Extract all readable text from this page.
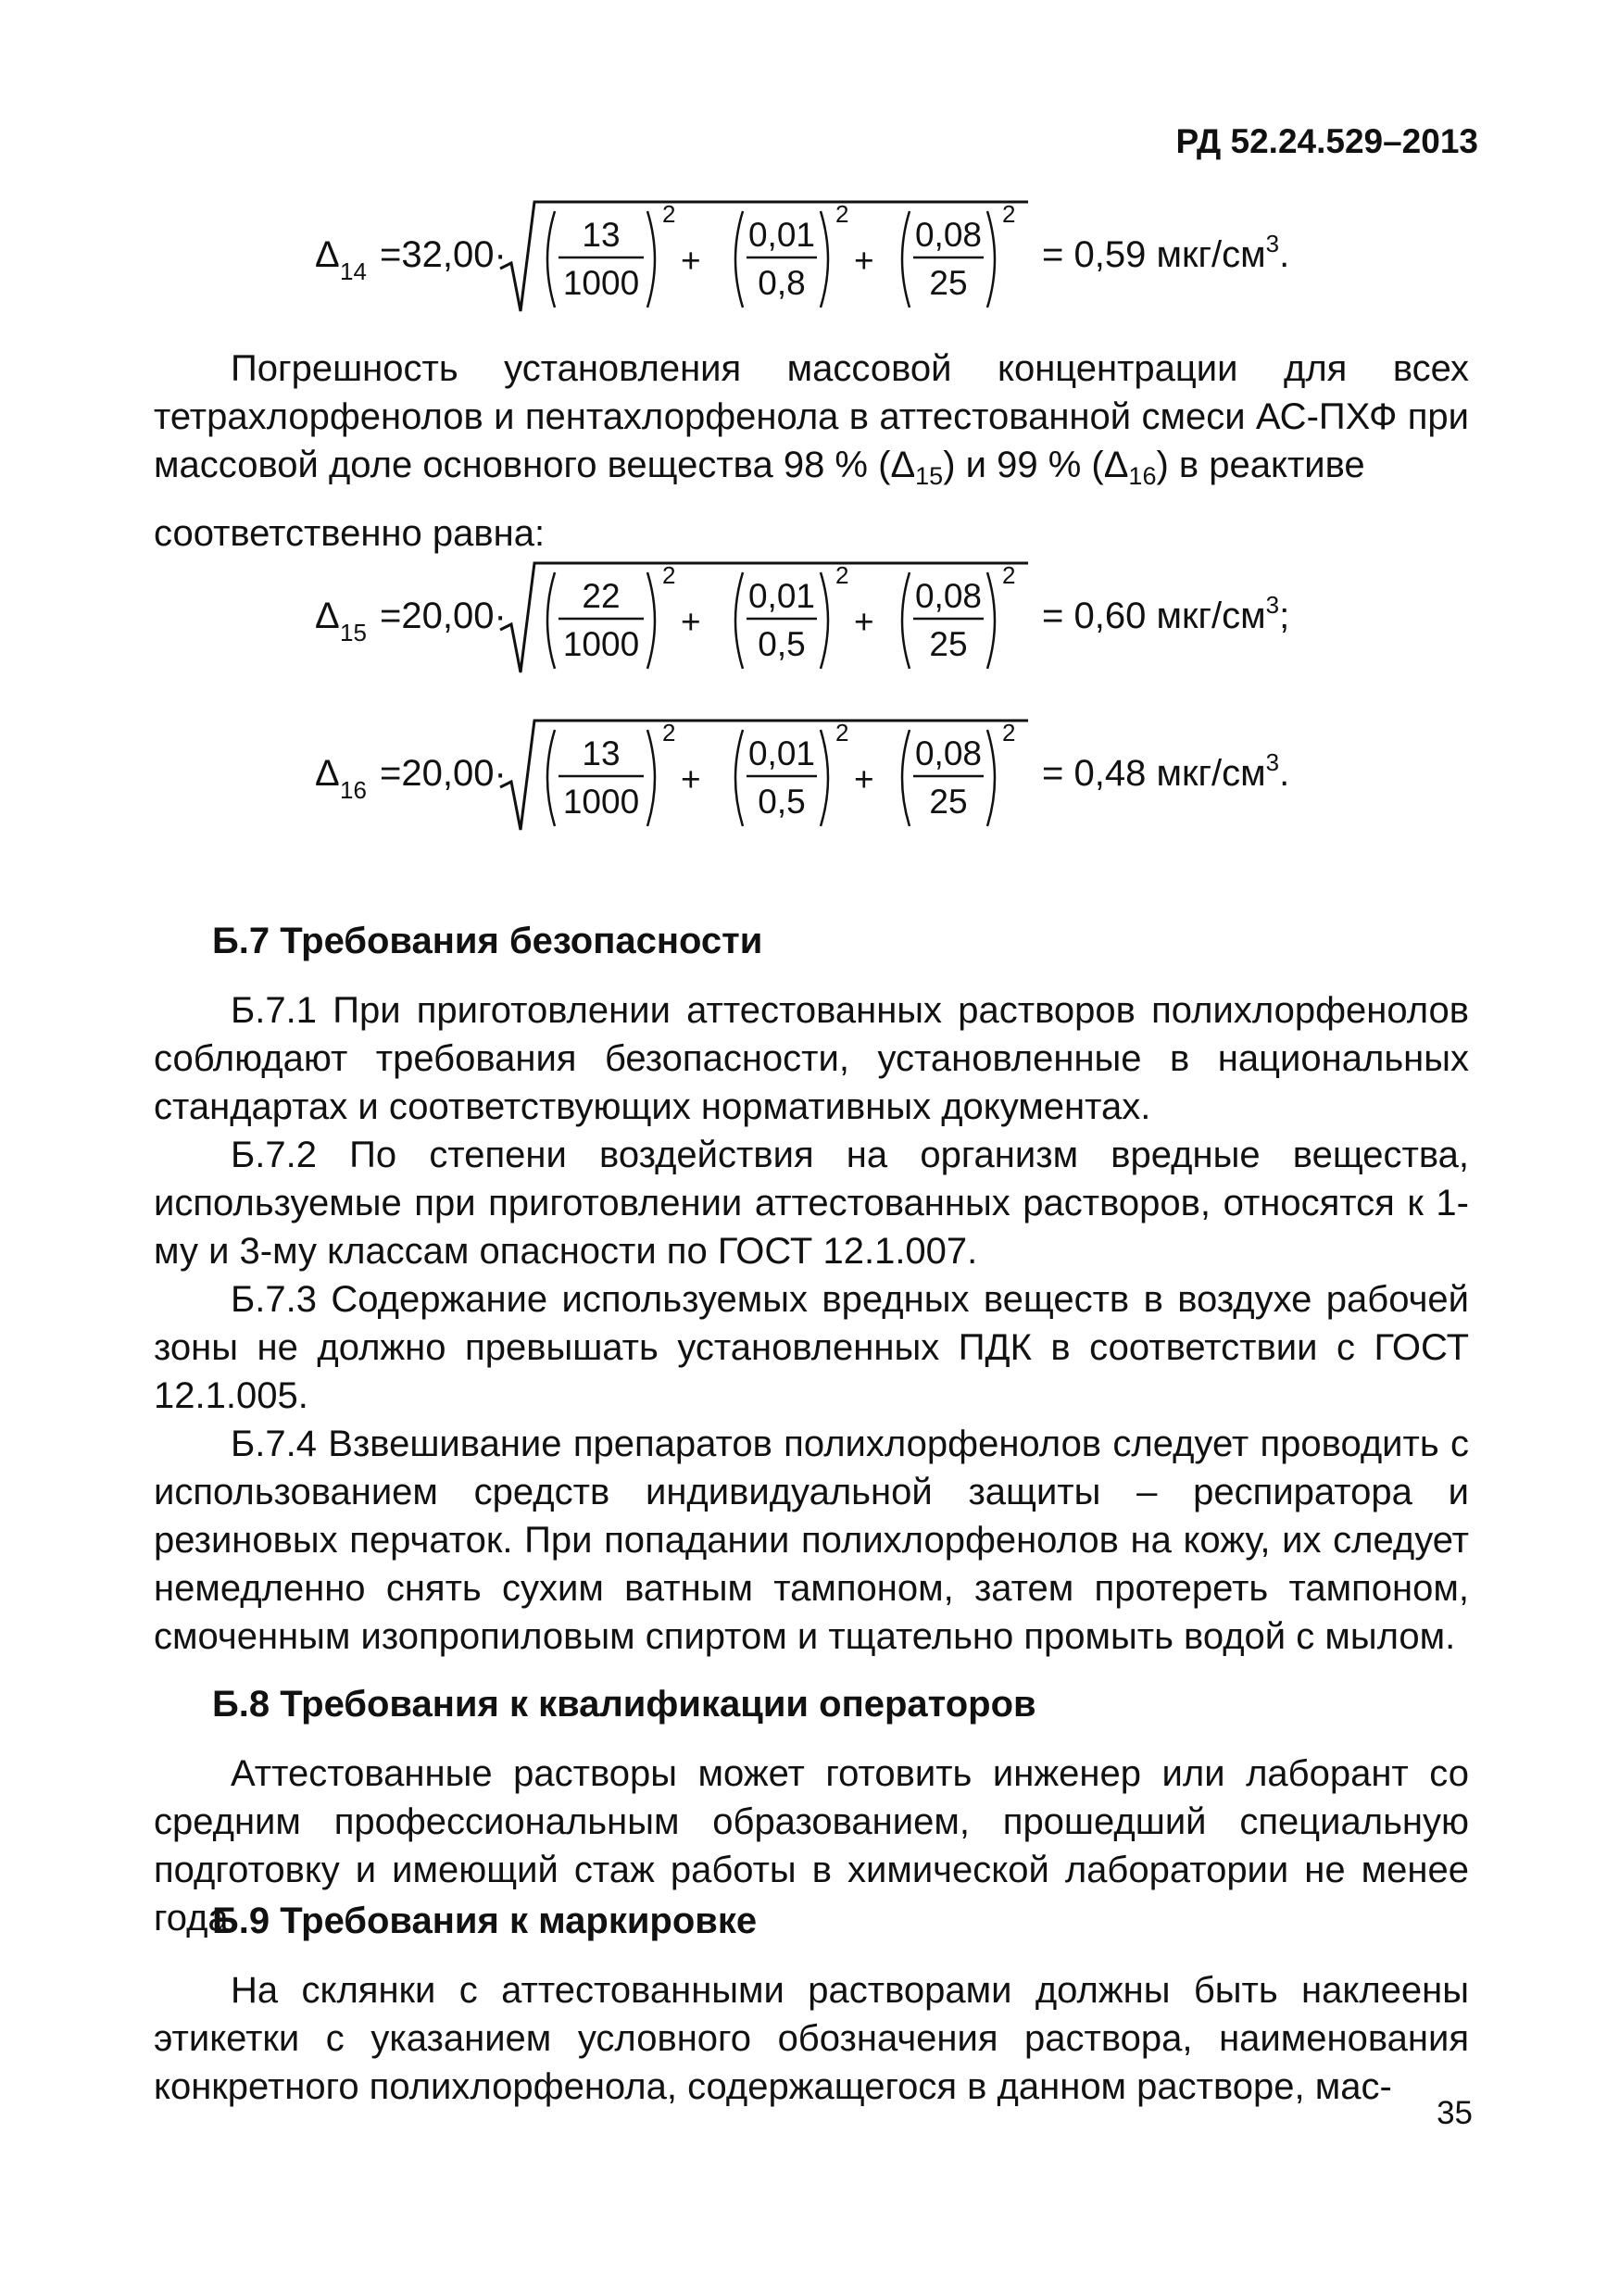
РД 52.24.529–2013
Δ 14 =32,00· 13
1000
2
+
0,01
0,8
2
+
0,08
25
2
= 0,59 мкг/$см^3$.

Погрешность установления массовой концентрации для всех тетрахлорфенолов и пентахлорфенола в аттестованной смеси АС-ПХФ при массовой доле основного вещества 98 % $(\Delta_{15})$ и 99 % $(\Delta_{16})$ в реактиве

соответственно равна:

Δ 15 =20,00· 22
1000
2
+
0,01
0,5
2
+
0,08
25
2
= 0,60 мкг/$см^3$;
Δ 16 =20,00· 13
1000
2
+
0,01
0,5
2
+
0,08
25
2
= 0,48 мкг/$см^3$.
Б.7 Требования безопасности

Б.7.1 При приготовлении аттестованных растворов полихлорфенолов соблюдают требования безопасности, установленные в национальных стандартах и соответствующих нормативных документах.

Б.7.2 По степени воздействия на организм вредные вещества, используемые при приготовлении аттестованных растворов, относятся к 1-му и 3-му классам опасности по ГОСТ 12.1.007.

Б.7.3 Содержание используемых вредных веществ в воздухе рабочей зоны не должно превышать установленных ПДК в соответствии с ГОСТ 12.1.005.

Б.7.4 Взвешивание препаратов полихлорфенолов следует проводить с использованием средств индивидуальной защиты – респиратора и резиновых перчаток. При попадании полихлорфенолов на кожу, их следует немедленно снять сухим ватным тампоном, затем протереть тампоном, смоченным изопропиловым спиртом и тщательно промыть водой с мылом.

Б.8 Требования к квалификации операторов

Аттестованные растворы может готовить инженер или лаборант со средним профессиональным образованием, прошедший специальную подготовку и имеющий стаж работы в химической лаборатории не менее года.

Б.9 Требования к маркировке

На склянки с аттестованными растворами должны быть наклеены этикетки с указанием условного обозначения раствора, наименования конкретного полихлорфенола, содержащегося в данном растворе, мас-

35
